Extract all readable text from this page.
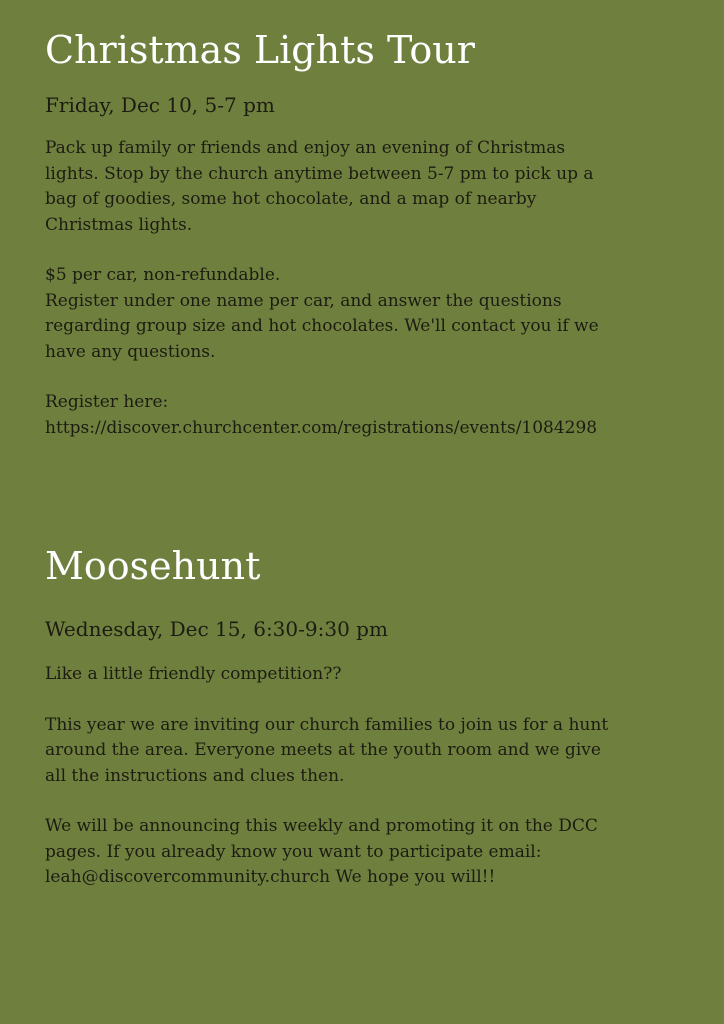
Christmas Lights Tour
Friday, Dec 10, 5-7 pm

Pack up family or friends and enjoy an evening of Christmas
lights. Stop by the church anytime between 5-7 pm to pick up a
bag of goodies, some hot chocolate, and a map of nearby
Christmas lights.

$5 per car, non-refundable.
Register under one name per car, and answer the questions
regarding group size and hot chocolates. We'll contact you if we
have any questions.

Register here:
https://discover.churchcenter.com/registrations/events/1084298

Moosehunt
Wednesday, Dec 15, 6:30-9:30 pm

Like a little friendly competition??

This year we are inviting our church families to join us for a hunt
around the area. Everyone meets at the youth room and we give
all the instructions and clues then.

We will be announcing this weekly and promoting it on the DCC
pages. If you already know you want to participate email:
leah@discovercommunity.church We hope you will!!
